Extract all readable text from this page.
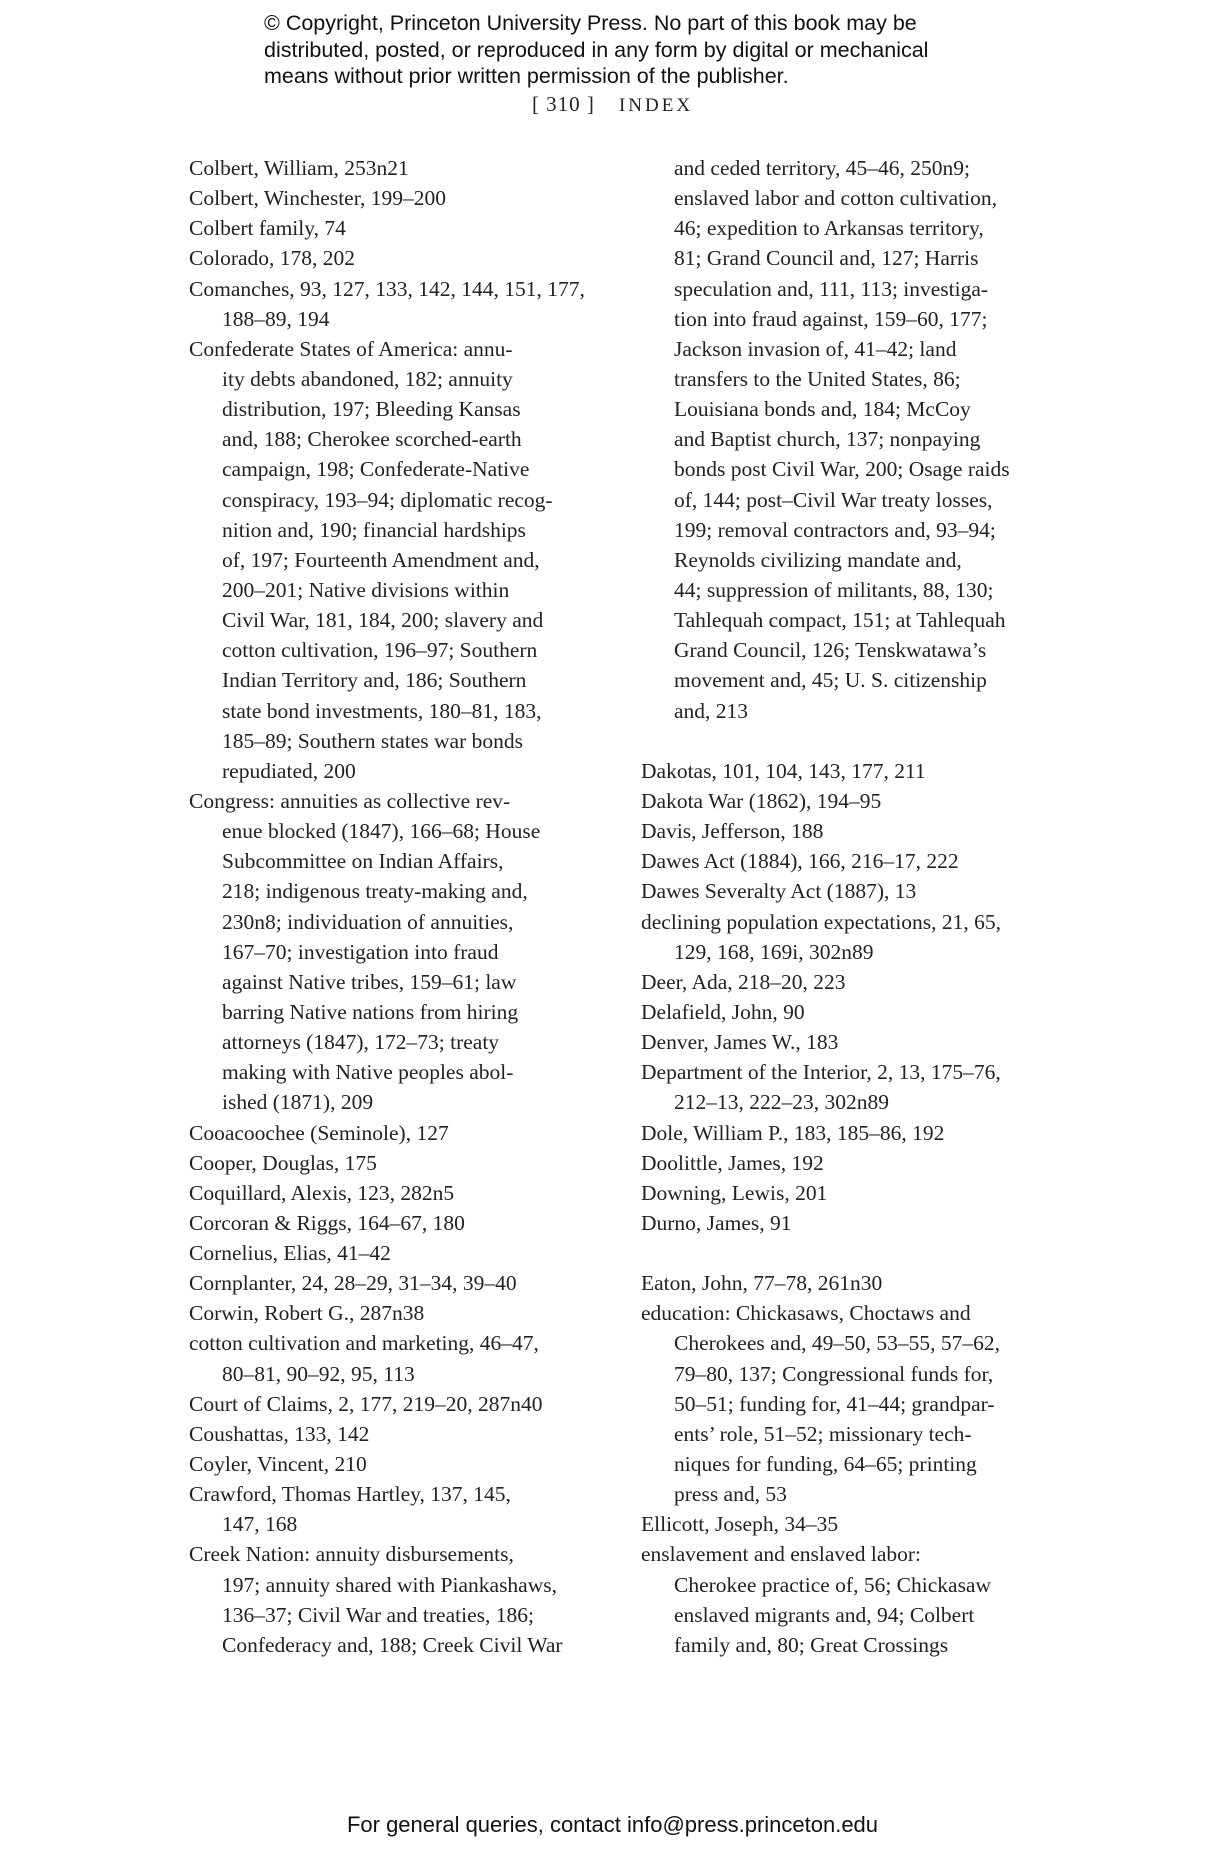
© Copyright, Princeton University Press. No part of this book may be
distributed, posted, or reproduced in any form by digital or mechanical
means without prior written permission of the publisher.
[ 310 ] INDEX
Colbert, William, 253n21
Colbert, Winchester, 199–200
Colbert family, 74
Colorado, 178, 202
Comanches, 93, 127, 133, 142, 144, 151, 177,
188–89, 194
Confederate States of America: annu-
ity debts abandoned, 182; annuity
distribution, 197; Bleeding Kansas
and, 188; Cherokee scorched-earth
campaign, 198; Confederate-Native
conspiracy, 193–94; diplomatic recog-
nition and, 190; financial hardships
of, 197; Fourteenth Amendment and,
200–201; Native divisions within
Civil War, 181, 184, 200; slavery and
cotton cultivation, 196–97; Southern
Indian Territory and, 186; Southern
state bond investments, 180–81, 183,
185–89; Southern states war bonds
repudiated, 200
Congress: annuities as collective rev-
enue blocked (1847), 166–68; House
Subcommittee on Indian Affairs,
218; indigenous treaty-making and,
230n8; individuation of annuities,
167–70; investigation into fraud
against Native tribes, 159–61; law
barring Native nations from hiring
attorneys (1847), 172–73; treaty
making with Native peoples abol-
ished (1871), 209
Cooacoochee (Seminole), 127
Cooper, Douglas, 175
Coquillard, Alexis, 123, 282n5
Corcoran & Riggs, 164–67, 180
Cornelius, Elias, 41–42
Cornplanter, 24, 28–29, 31–34, 39–40
Corwin, Robert G., 287n38
cotton cultivation and marketing, 46–47,
80–81, 90–92, 95, 113
Court of Claims, 2, 177, 219–20, 287n40
Coushattas, 133, 142
Coyler, Vincent, 210
Crawford, Thomas Hartley, 137, 145,
147, 168
Creek Nation: annuity disbursements,
197; annuity shared with Piankashaws,
136–37; Civil War and treaties, 186;
Confederacy and, 188; Creek Civil War
and ceded territory, 45–46, 250n9;
enslaved labor and cotton cultivation,
46; expedition to Arkansas territory,
81; Grand Council and, 127; Harris
speculation and, 111, 113; investiga-
tion into fraud against, 159–60, 177;
Jackson invasion of, 41–42; land
transfers to the United States, 86;
Louisiana bonds and, 184; McCoy
and Baptist church, 137; nonpaying
bonds post Civil War, 200; Osage raids
of, 144; post–Civil War treaty losses,
199; removal contractors and, 93–94;
Reynolds civilizing mandate and,
44; suppression of militants, 88, 130;
Tahlequah compact, 151; at Tahlequah
Grand Council, 126; Tenskwatawa’s
movement and, 45; U. S. citizenship
and, 213
Dakotas, 101, 104, 143, 177, 211
Dakota War (1862), 194–95
Davis, Jefferson, 188
Dawes Act (1884), 166, 216–17, 222
Dawes Severalty Act (1887), 13
declining population expectations, 21, 65,
129, 168, 169i, 302n89
Deer, Ada, 218–20, 223
Delafield, John, 90
Denver, James W., 183
Department of the Interior, 2, 13, 175–76,
212–13, 222–23, 302n89
Dole, William P., 183, 185–86, 192
Doolittle, James, 192
Downing, Lewis, 201
Durno, James, 91
Eaton, John, 77–78, 261n30
education: Chickasaws, Choctaws and
Cherokees and, 49–50, 53–55, 57–62,
79–80, 137; Congressional funds for,
50–51; funding for, 41–44; grandpar-
ents’ role, 51–52; missionary tech-
niques for funding, 64–65; printing
press and, 53
Ellicott, Joseph, 34–35
enslavement and enslaved labor:
Cherokee practice of, 56; Chickasaw
enslaved migrants and, 94; Colbert
family and, 80; Great Crossings
For general queries, contact info@press.princeton.edu
